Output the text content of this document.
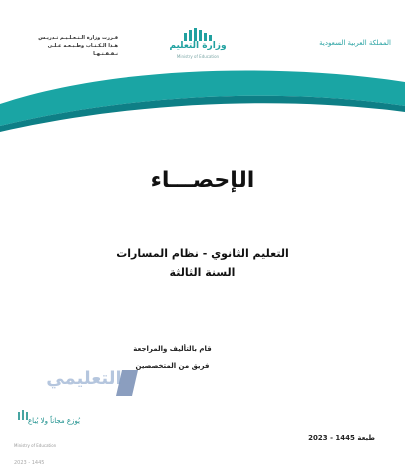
المملكة العربية السعودية
وزارة التعليم
Ministry of Education
قـررت وزارة الـتـعـلـيـم تـدريـس
هـذا الـكـتـاب وطـبـعـه عـلـى نـفـقـتـهـا
الإحصـــاء
التعليم الثانوي - نظام المسارات
السنة الثالثة
قام بالتأليف والمراجعة
فريق من المتخصصين
التعليمي
يُوزع مجاناً ولا يُباع
Ministry of Education
2023 - 1445
طبعة 1445 - 2023
